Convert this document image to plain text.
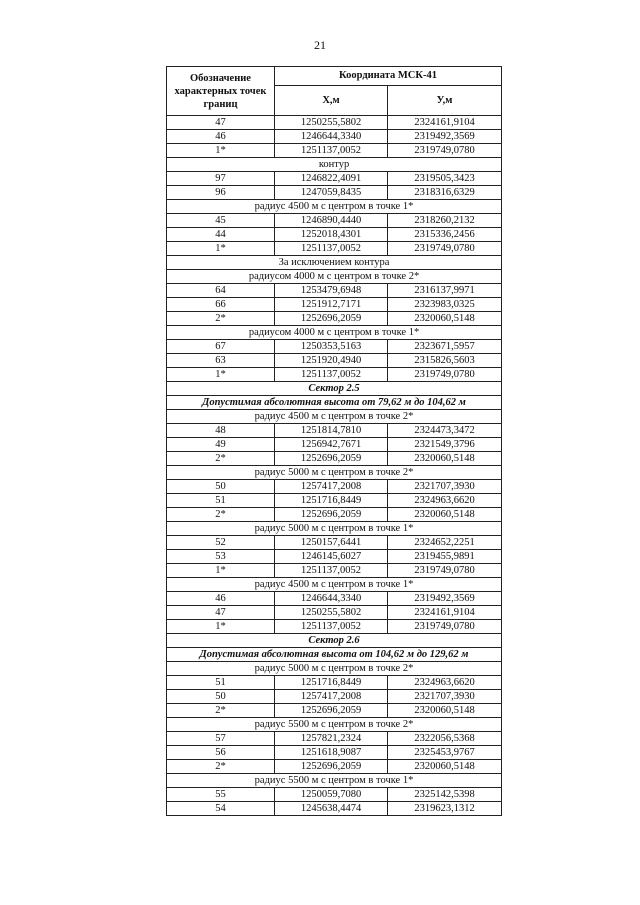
21
Обозначение характерных точек границ	Координата МСК-41	
	Х,м	У,м
47	1250255,5802	2324161,9104
46	1246644,3340	2319492,3569
1*	1251137,0052	2319749,0780
контур		
97	1246822,4091	2319505,3423
96	1247059,8435	2318316,6329
радиус 4500 м с центром в точке 1*		
45	1246890,4440	2318260,2132
44	1252018,4301	2315336,2456
1*	1251137,0052	2319749,0780
За исключением контура		
радиусом 4000 м с центром в точке 2*		
64	1253479,6948	2316137,9971
66	1251912,7171	2323983,0325
2*	1252696,2059	2320060,5148
радиусом 4000 м с центром в точке 1*		
67	1250353,5163	2323671,5957
63	1251920,4940	2315826,5603
1*	1251137,0052	2319749,0780
Сектор 2.5		
Допустимая абсолютная высота от 79,62 м до 104,62 м		
радиус 4500 м с центром в точке 2*		
48	1251814,7810	2324473,3472
49	1256942,7671	2321549,3796
2*	1252696,2059	2320060,5148
радиус 5000 м с центром в точке 2*		
50	1257417,2008	2321707,3930
51	1251716,8449	2324963,6620
2*	1252696,2059	2320060,5148
радиус 5000 м с центром в точке 1*		
52	1250157,6441	2324652,2251
53	1246145,6027	2319455,9891
1*	1251137,0052	2319749,0780
радиус 4500 м с центром в точке 1*		
46	1246644,3340	2319492,3569
47	1250255,5802	2324161,9104
1*	1251137,0052	2319749,0780
Сектор 2.6		
Допустимая абсолютная высота от 104,62 м до 129,62 м		
радиус 5000 м с центром в точке 2*		
51	1251716,8449	2324963,6620
50	1257417,2008	2321707,3930
2*	1252696,2059	2320060,5148
радиус 5500 м с центром в точке 2*		
57	1257821,2324	2322056,5368
56	1251618,9087	2325453,9767
2*	1252696,2059	2320060,5148
радиус 5500 м с центром в точке 1*		
55	1250059,7080	2325142,5398
54	1245638,4474	2319623,1312
